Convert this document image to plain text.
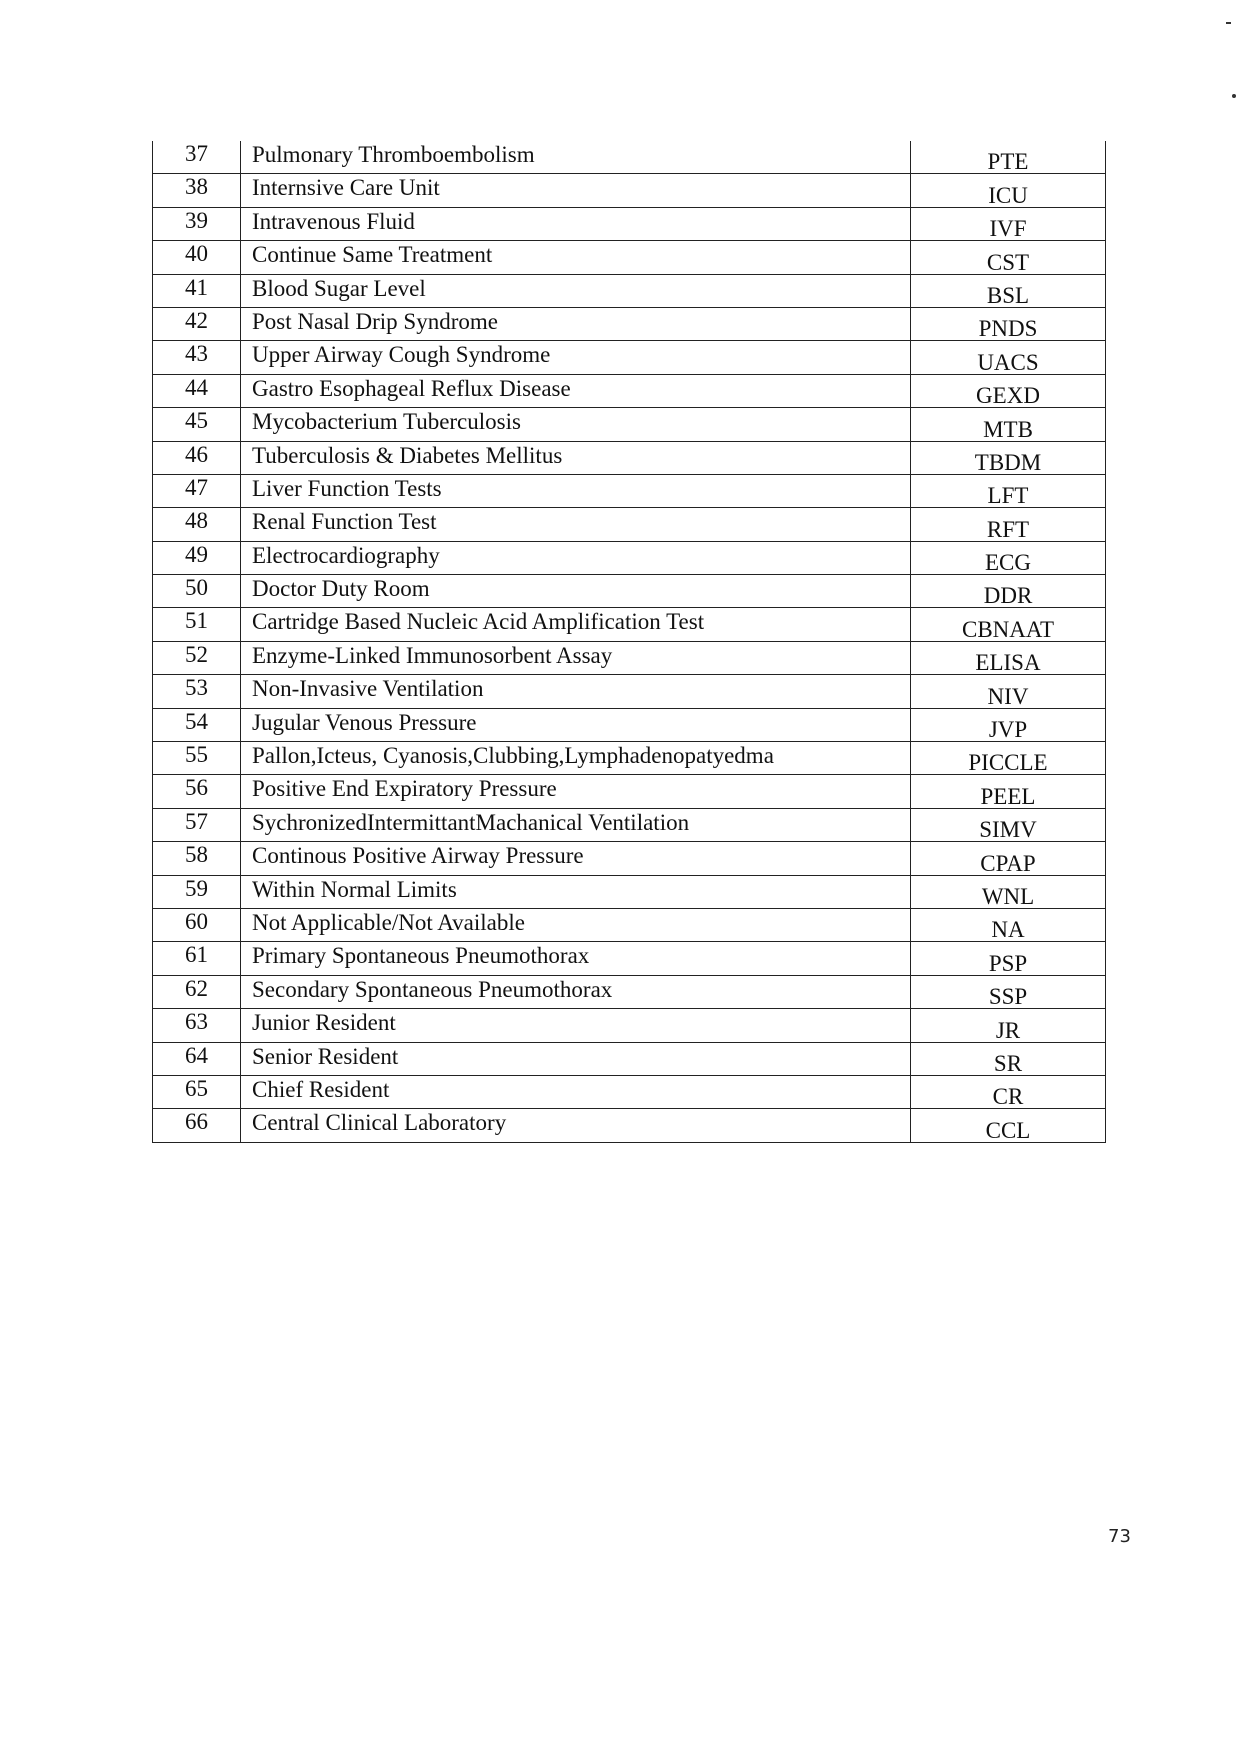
37	Pulmonary Thromboembolism	PTE
38	Internsive Care Unit	ICU
39	Intravenous Fluid	IVF
40	Continue Same Treatment	CST
41	Blood Sugar Level	BSL
42	Post Nasal Drip Syndrome	PNDS
43	Upper Airway Cough Syndrome	UACS
44	Gastro Esophageal Reflux Disease	GEXD
45	Mycobacterium Tuberculosis	MTB
46	Tuberculosis & Diabetes Mellitus	TBDM
47	Liver Function Tests	LFT
48	Renal Function Test	RFT
49	Electrocardiography	ECG
50	Doctor Duty Room	DDR
51	Cartridge Based Nucleic Acid Amplification Test	CBNAAT
52	Enzyme-Linked Immunosorbent Assay	ELISA
53	Non-Invasive Ventilation	NIV
54	Jugular Venous Pressure	JVP
55	Pallon,Icteus, Cyanosis,Clubbing,Lymphadenopatyedma	PICCLE
56	Positive End Expiratory Pressure	PEEL
57	SychronizedIntermittantMachanical Ventilation	SIMV
58	Continous Positive Airway Pressure	CPAP
59	Within Normal Limits	WNL
60	Not Applicable/Not Available	NA
61	Primary Spontaneous Pneumothorax	PSP
62	Secondary Spontaneous Pneumothorax	SSP
63	Junior Resident	JR
64	Senior Resident	SR
65	Chief Resident	CR
66	Central Clinical Laboratory	CCL
73
